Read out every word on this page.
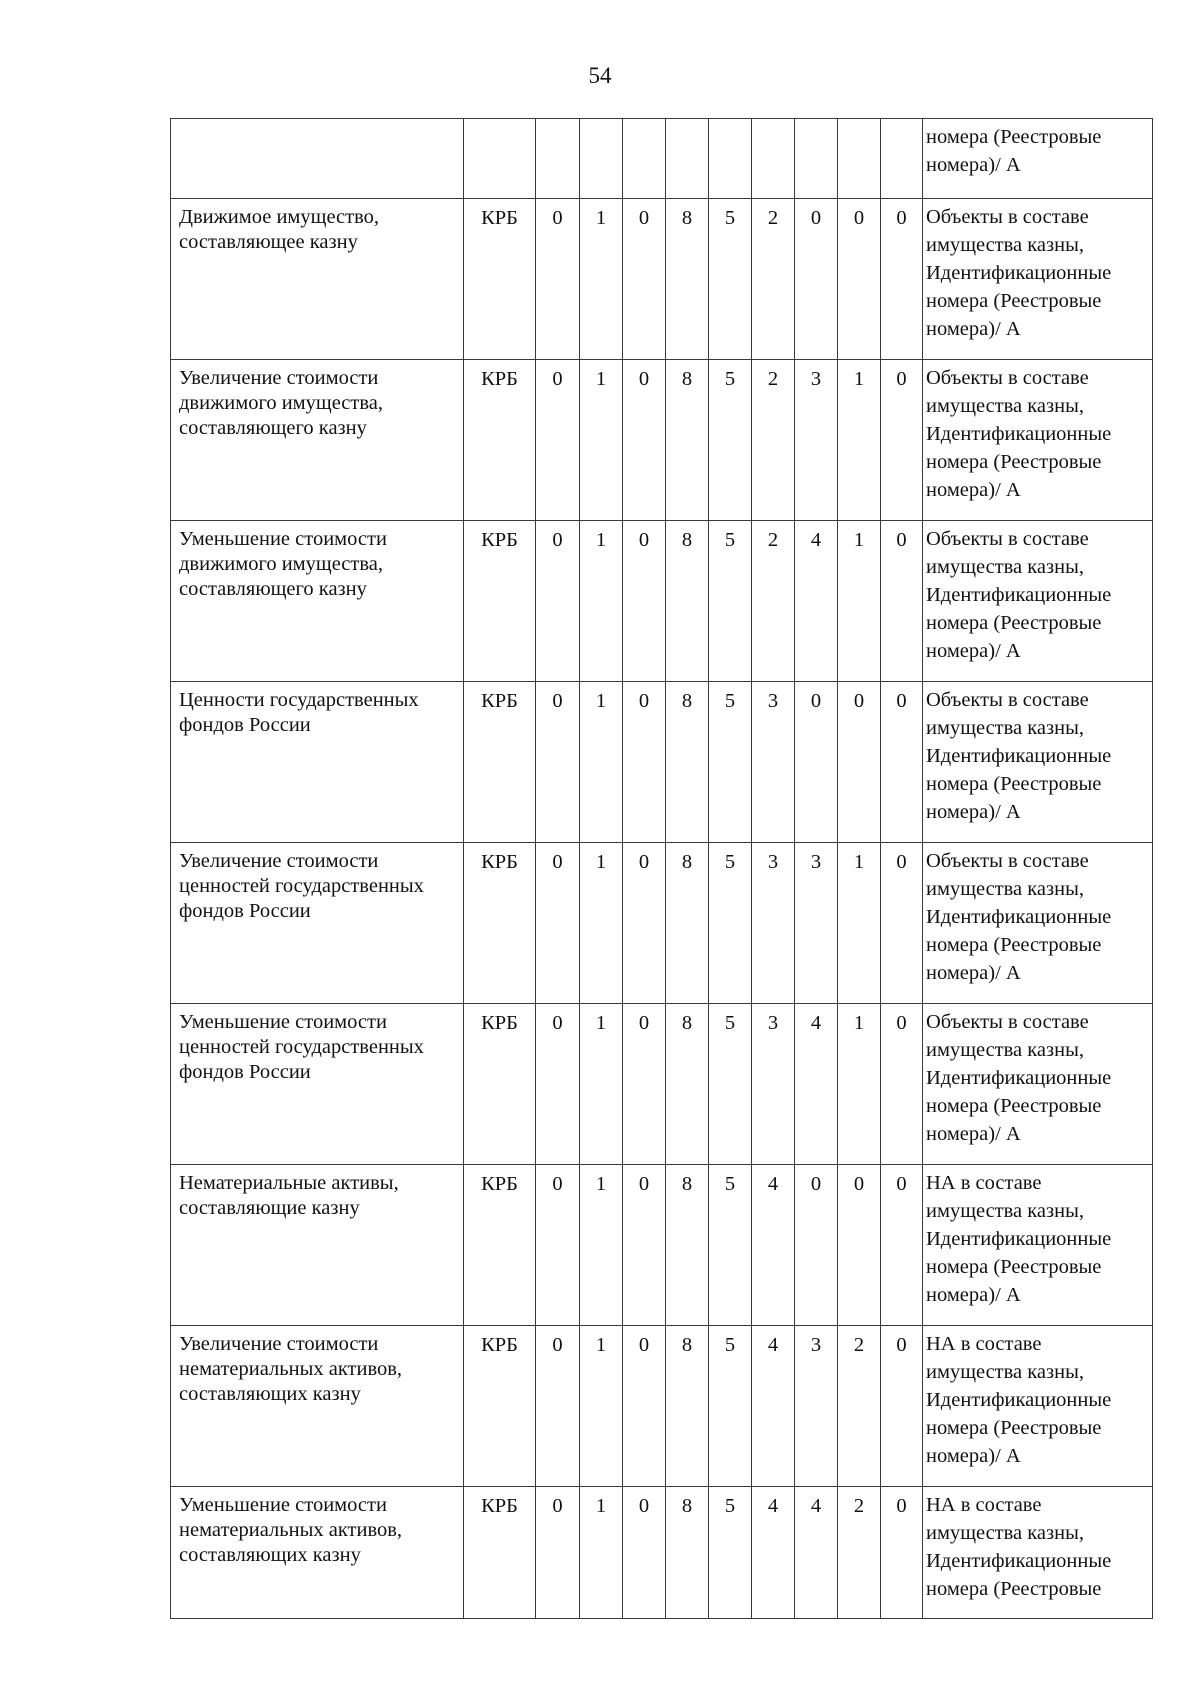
54

											номера (Реестровые
номера)/ А

Движимое имущество,
составляющее казну	КРБ	0	1	0	8	5	2	0	0	0	Объекты в составе
имущества казны,
Идентификационные
номера (Реестровые
номера)/ А

Увеличение стоимости
движимого имущества,
составляющего казну	КРБ	0	1	0	8	5	2	3	1	0	Объекты в составе
имущества казны,
Идентификационные
номера (Реестровые
номера)/ А

Уменьшение стоимости
движимого имущества,
составляющего казну	КРБ	0	1	0	8	5	2	4	1	0	Объекты в составе
имущества казны,
Идентификационные
номера (Реестровые
номера)/ А

Ценности государственных
фондов России	КРБ	0	1	0	8	5	3	0	0	0	Объекты в составе
имущества казны,
Идентификационные
номера (Реестровые
номера)/ А

Увеличение стоимости
ценностей государственных
фондов России	КРБ	0	1	0	8	5	3	3	1	0	Объекты в составе
имущества казны,
Идентификационные
номера (Реестровые
номера)/ А

Уменьшение стоимости
ценностей государственных
фондов России	КРБ	0	1	0	8	5	3	4	1	0	Объекты в составе
имущества казны,
Идентификационные
номера (Реестровые
номера)/ А

Нематериальные активы,
составляющие казну	КРБ	0	1	0	8	5	4	0	0	0	НА в составе
имущества казны,
Идентификационные
номера (Реестровые
номера)/ А

Увеличение стоимости
нематериальных активов,
составляющих казну	КРБ	0	1	0	8	5	4	3	2	0	НА в составе
имущества казны,
Идентификационные
номера (Реестровые
номера)/ А

Уменьшение стоимости
нематериальных активов,
составляющих казну	КРБ	0	1	0	8	5	4	4	2	0	НА в составе
имущества казны,
Идентификационные
номера (Реестровые
